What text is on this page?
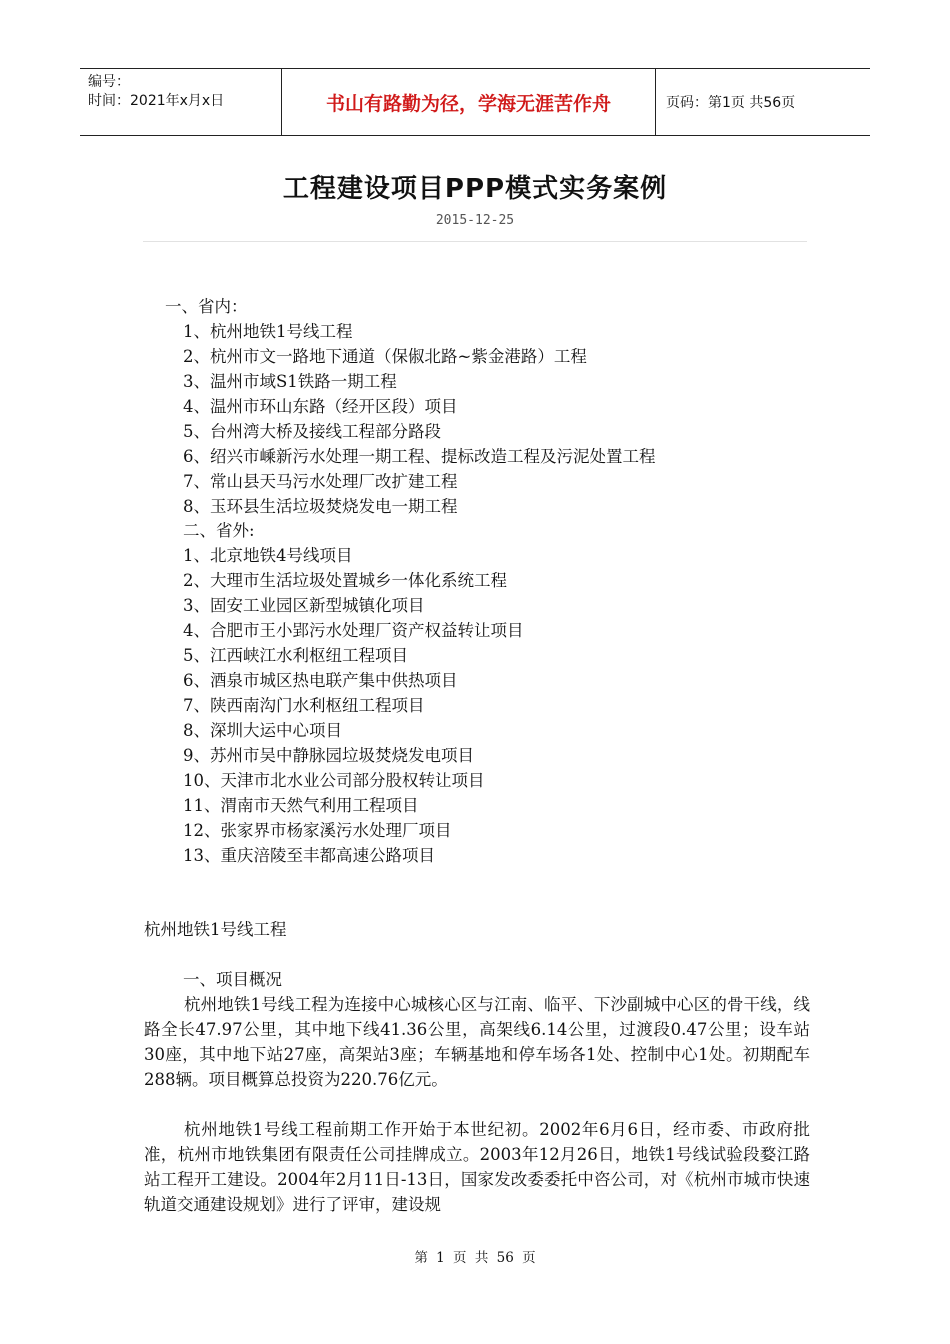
编号：
时间：2021年x月x日	书山有路勤为径，学海无涯苦作舟	页码：第1页 共56页
工程建设项目PPP模式实务案例
2015-12-25
一、省内：
1、杭州地铁1号线工程
2、杭州市文一路地下通道（保俶北路~紫金港路）工程
3、温州市域S1铁路一期工程
4、温州市环山东路（经开区段）项目
5、台州湾大桥及接线工程部分路段
6、绍兴市嵊新污水处理一期工程、提标改造工程及污泥处置工程
7、常山县天马污水处理厂改扩建工程
8、玉环县生活垃圾焚烧发电一期工程
二、省外:
1、北京地铁4号线项目
2、大理市生活垃圾处置城乡一体化系统工程
3、固安工业园区新型城镇化项目
4、合肥市王小郢污水处理厂资产权益转让项目
5、江西峡江水利枢纽工程项目
6、酒泉市城区热电联产集中供热项目
7、陕西南沟门水利枢纽工程项目
8、深圳大运中心项目
9、苏州市吴中静脉园垃圾焚烧发电项目
10、天津市北水业公司部分股权转让项目
11、渭南市天然气利用工程项目
12、张家界市杨家溪污水处理厂项目
13、重庆涪陵至丰都高速公路项目
杭州地铁1号线工程
一、项目概况
杭州地铁1号线工程为连接中心城核心区与江南、临平、下沙副城中心区的骨干线，线路全长47.97公里，其中地下线41.36公里，高架线6.14公里，过渡段0.47公里；设车站30座，其中地下站27座，高架站3座；车辆基地和停车场各1处、控制中心1处。初期配车288辆。项目概算总投资为220.76亿元。
杭州地铁1号线工程前期工作开始于本世纪初。2002年6月6日，经市委、市政府批准，杭州市地铁集团有限责任公司挂牌成立。2003年12月26日，地铁1号线试验段婺江路站工程开工建设。2004年2月11日-13日，国家发改委委托中咨公司，对《杭州市城市快速轨道交通建设规划》进行了评审，建设规
第 1 页 共 56 页
